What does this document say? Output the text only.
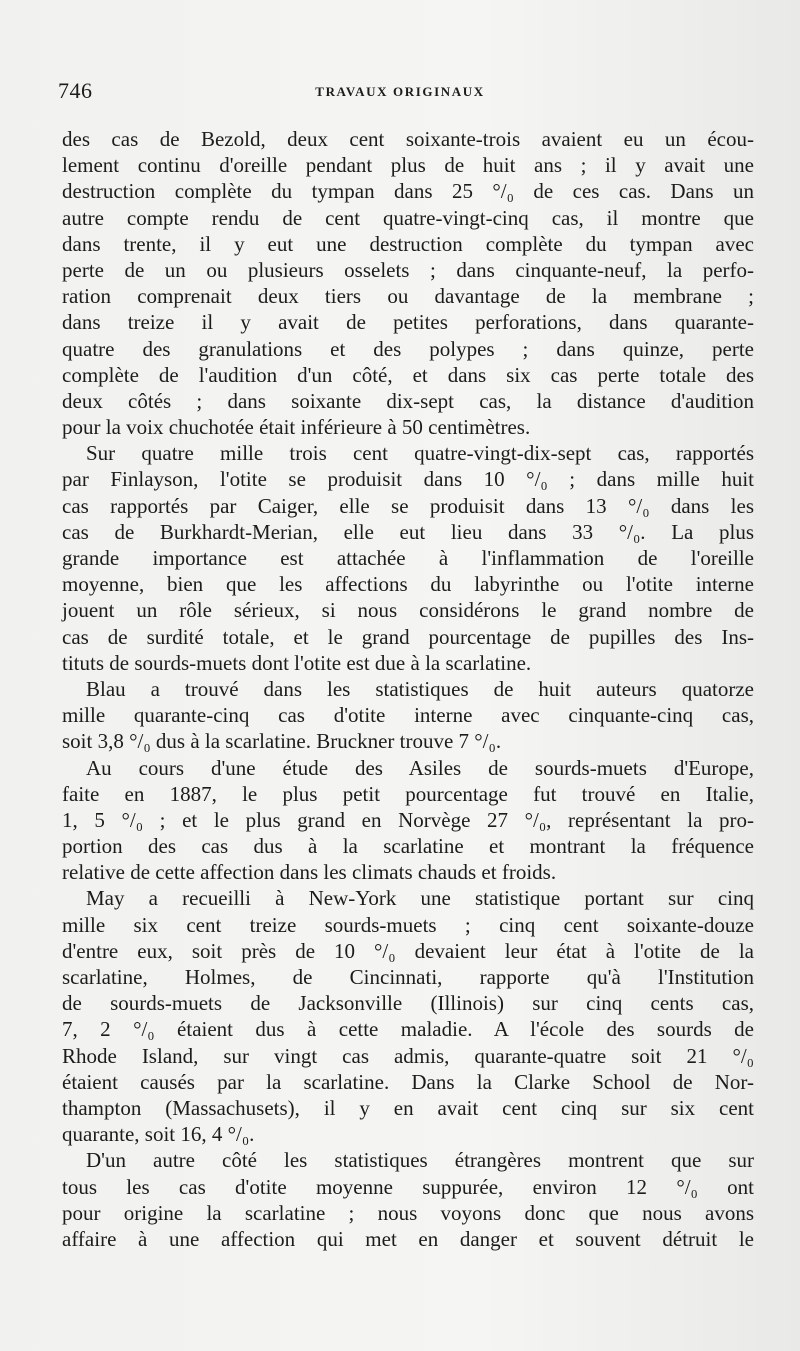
746	TRAVAUX ORIGINAUX
des cas de Bezold, deux cent soixante-trois avaient eu un écou-
lement continu d'oreille pendant plus de huit ans ; il y avait une
destruction complète du tympan dans 25 °/₀ de ces cas. Dans un
autre compte rendu de cent quatre-vingt-cinq cas, il montre que
dans trente, il y eut une destruction complète du tympan avec
perte de un ou plusieurs osselets ; dans cinquante-neuf, la perfo-
ration comprenait deux tiers ou davantage de la membrane ;
dans treize il y avait de petites perforations, dans quarante-
quatre des granulations et des polypes ; dans quinze, perte
complète de l'audition d'un côté, et dans six cas perte totale des
deux côtés ; dans soixante dix-sept cas, la distance d'audition
pour la voix chuchotée était inférieure à 50 centimètres.
Sur quatre mille trois cent quatre-vingt-dix-sept cas, rapportés
par Finlayson, l'otite se produisit dans 10 °/₀ ; dans mille huit
cas rapportés par Caiger, elle se produisit dans 13 °/₀ dans les
cas de Burkhardt-Merian, elle eut lieu dans 33 °/₀. La plus
grande importance est attachée à l'inflammation de l'oreille
moyenne, bien que les affections du labyrinthe ou l'otite interne
jouent un rôle sérieux, si nous considérons le grand nombre de
cas de surdité totale, et le grand pourcentage de pupilles des Ins-
tituts de sourds-muets dont l'otite est due à la scarlatine.
Blau a trouvé dans les statistiques de huit auteurs quatorze
mille quarante-cinq cas d'otite interne avec cinquante-cinq cas,
soit 3,8 °/₀ dus à la scarlatine. Bruckner trouve 7 °/₀.
Au cours d'une étude des Asiles de sourds-muets d'Europe,
faite en 1887, le plus petit pourcentage fut trouvé en Italie,
1, 5 °/₀ ; et le plus grand en Norvège 27 °/₀, représentant la pro-
portion des cas dus à la scarlatine et montrant la fréquence
relative de cette affection dans les climats chauds et froids.
May a recueilli à New-York une statistique portant sur cinq
mille six cent treize sourds-muets ; cinq cent soixante-douze
d'entre eux, soit près de 10 °/₀ devaient leur état à l'otite de la
scarlatine, Holmes, de Cincinnati, rapporte qu'à l'Institution
de sourds-muets de Jacksonville (Illinois) sur cinq cents cas,
7, 2 °/₀ étaient dus à cette maladie. A l'école des sourds de
Rhode Island, sur vingt cas admis, quarante-quatre soit 21 °/₀
étaient causés par la scarlatine. Dans la Clarke School de Nor-
thampton (Massachusets), il y en avait cent cinq sur six cent
quarante, soit 16, 4 °/₀.
D'un autre côté les statistiques étrangères montrent que sur
tous les cas d'otite moyenne suppurée, environ 12 °/₀ ont
pour origine la scarlatine ; nous voyons donc que nous avons
affaire à une affection qui met en danger et souvent détruit le
